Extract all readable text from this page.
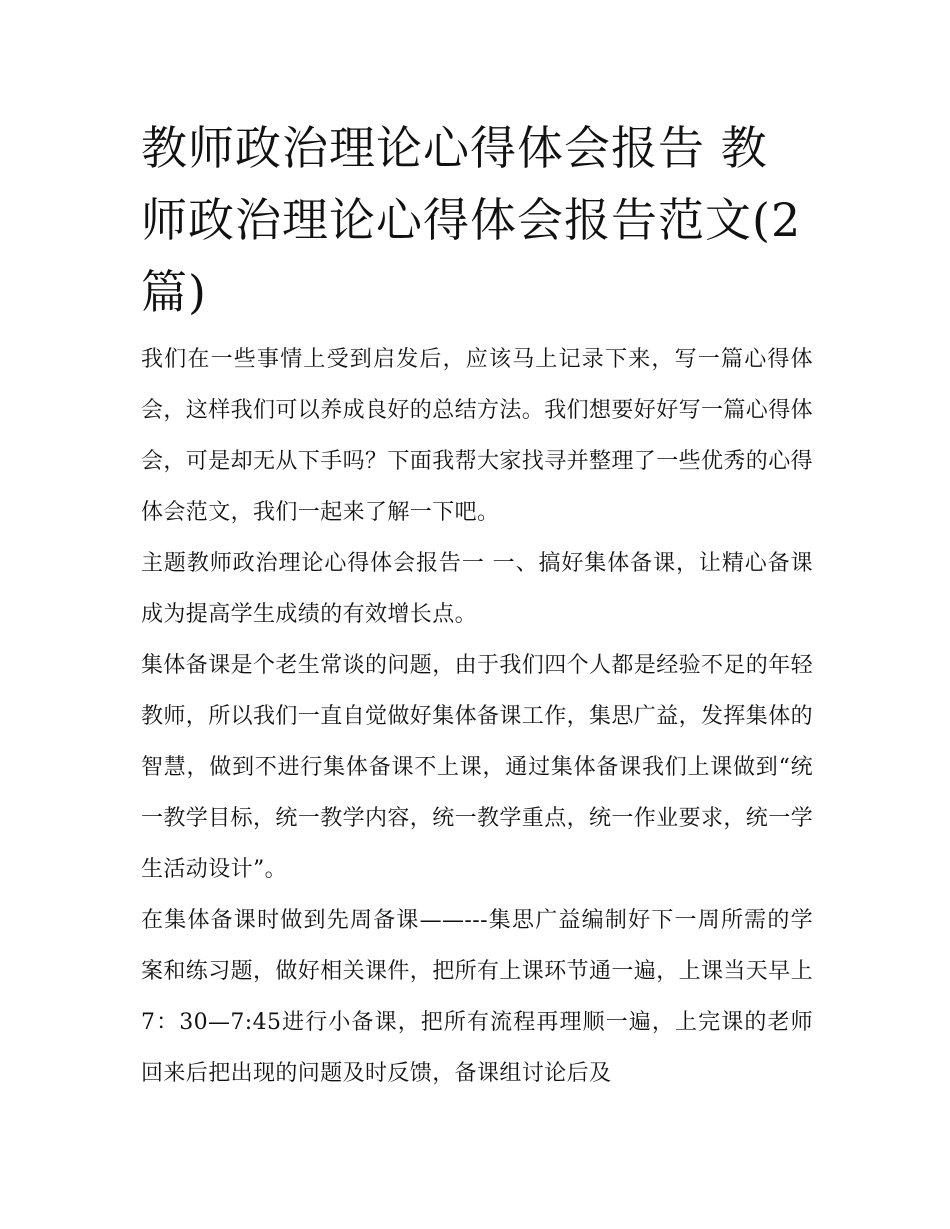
教师政治理论心得体会报告 教师政治理论心得体会报告范文(2篇)

我们在一些事情上受到启发后，应该马上记录下来，写一篇心得体会，这样我们可以养成良好的总结方法。我们想要好好写一篇心得体会，可是却无从下手吗？下面我帮大家找寻并整理了一些优秀的心得体会范文，我们一起来了解一下吧。

主题教师政治理论心得体会报告一 一、搞好集体备课，让精心备课成为提高学生成绩的有效增长点。

集体备课是个老生常谈的问题，由于我们四个人都是经验不足的年轻教师，所以我们一直自觉做好集体备课工作，集思广益，发挥集体的智慧，做到不进行集体备课不上课，通过集体备课我们上课做到“统一教学目标，统一教学内容，统一教学重点，统一作业要求，统一学生活动设计”。

在集体备课时做到先周备课——---集思广益编制好下一周所需的学案和练习题，做好相关课件，把所有上课环节通一遍，上课当天早上7：30—7:45进行小备课，把所有流程再理顺一遍，上完课的老师回来后把出现的问题及时反馈，备课组讨论后及
